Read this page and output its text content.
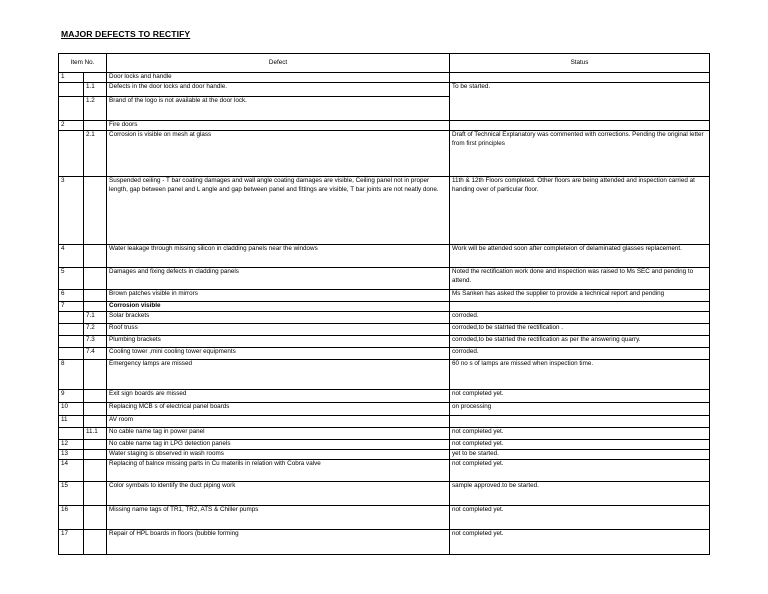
MAJOR DEFECTS TO RECTIFY
Item No.		Defect	Status
1		Door locks and handle	
	1.1	Defects in the door locks and door handle.	To be started.
	1.2	Brand of the logo is not available at the door lock.	
2		Fire doors	
	2.1	Corrosion is visible on mesh at glass	Draft of Technical Explanatory was commented with corrections. Pending the original letter from first principles
3		Suspended ceiling - T bar coating damages and wall angle coating damages are visible, Ceiling panel not in proper length, gap between panel and L angle and gap between panel and fittings are visible, T bar joints are not neatly done.	11th & 12th Floors completed. Other floors are being attended and inspection carried at handing over of particular floor.
4		Water leakage through missing silicon in cladding panels near the windows	Work will be attended soon after completeion of delaminated glasses replacement.
5		Damages and fixing defects in cladding panels	Noted the rectification work done and inspection was raised to Ms SEC and pending to attend.
6		Brown patches visible in mirrors	Ms Sanken has asked the supplier to provide a technical report and pending
7		Corrosion visible	
	7.1	Solar brackets	corroded.
	7.2	Roof truss	corroded,to be statrted the rectification .
	7.3	Plumbing brackets	corroded,to be statrted the rectification as per the answering quarry.
	7.4	Cooling tower ,mini cooling tower equipments	corroded.
8		Emergency lamps are missed	60 no s of lamps are missed when inspection time.
9		Exit sign boards are missed	not completed yet.
10		Replacing MCB s of electrical panel boards	on processing
11		AV room	
	11.1	No cable name tag in power panel	not completed yet.
12		No cable name tag in LPG detection panels	not completed yet.
13		Water staging is observed in wash rooms	yet to be started.
14		Replacing of balnce missing parts in Cu materils in relation with Cobra valve	not completed yet.
15		Color symbals to identify the duct piping work	sample approved.to be started.
16		Missing name tags of TR1, TR2, ATS & Chiller pumps	not completed yet.
17		Repair of HPL boards in floors (bubble forming	not completed yet.
